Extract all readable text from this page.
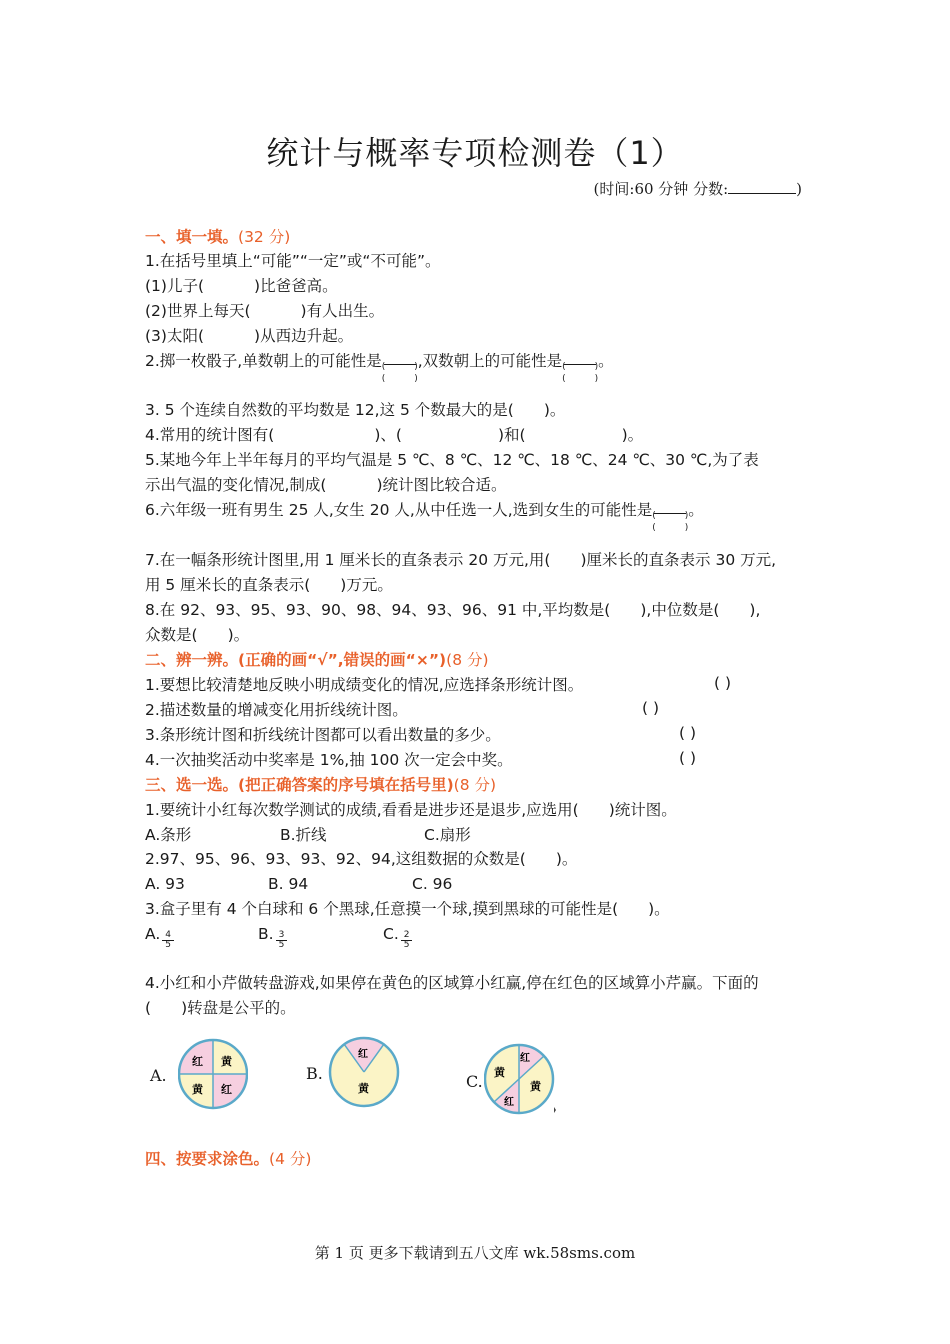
统计与概率专项检测卷（1）
(时间:60 分钟 分数:	)
一、填一填。(32 分)
1.在括号里填上“可能”“一定”或“不可能”。
(1)儿子(	)比爸爸高。
(2)世界上每天(	)有人出生。
(3)太阳(	)从西边升起。
2.掷一枚骰子,单数朝上的可能性是 (	)
(	)
,双数朝上的可能性是 (	)
(	)
。
3. 5 个连续自然数的平均数是 12,这 5 个数最大的是( )。
4.常用的统计图有(	)、(	)和(	)。
5.某地今年上半年每月的平均气温是 5 ℃、8 ℃、12 ℃、18 ℃、24 ℃、30 ℃,为了表
示出气温的变化情况,制成(	)统计图比较合适。
6.六年级一班有男生 25 人,女生 20 人,从中任选一人,选到女生的可能性是 (	)
(	)
。
7.在一幅条形统计图里,用 1 厘米长的直条表示 20 万元,用( )厘米长的直条表示 30 万元,
用 5 厘米长的直条表示( )万元。
8.在 92、93、95、93、90、98、94、93、96、91 中,平均数是( ),中位数是( ),
众数是( )。
二、辨一辨。(正确的画“√”,错误的画“×”)(8 分)
1.要想比较清楚地反映小明成绩变化的情况,应选择条形统计图。	( )
2.描述数量的增减变化用折线统计图。	( )
3.条形统计图和折线统计图都可以看出数量的多少。	( )
4.一次抽奖活动中奖率是 1%,抽 100 次一定会中奖。	( )
三、选一选。(把正确答案的序号填在括号里)(8 分)
1.要统计小红每次数学测试的成绩,看看是进步还是退步,应选用( )统计图。
A.条形	B.折线	C.扇形
2.97、95、96、93、93、92、94,这组数据的众数是( )。
A. 93	B. 94	C. 96
3.盒子里有 4 个白球和 6 个黑球,任意摸一个球,摸到黑球的可能性是( )。
A. $\frac{4}{5}$	B. $\frac{3}{5}$	C. $\frac{2}{5}$
4.小红和小芹做转盘游戏,如果停在黄色的区域算小红赢,停在红色的区域算小芹赢。下面的
( )转盘是公平的。
A.
红 黄
黄 红
B.
红
黄	C. 黄
红
黄
红
四、按要求涂色。(4 分)
第 1 页 更多下载请到五八文库 wk.58sms.com
